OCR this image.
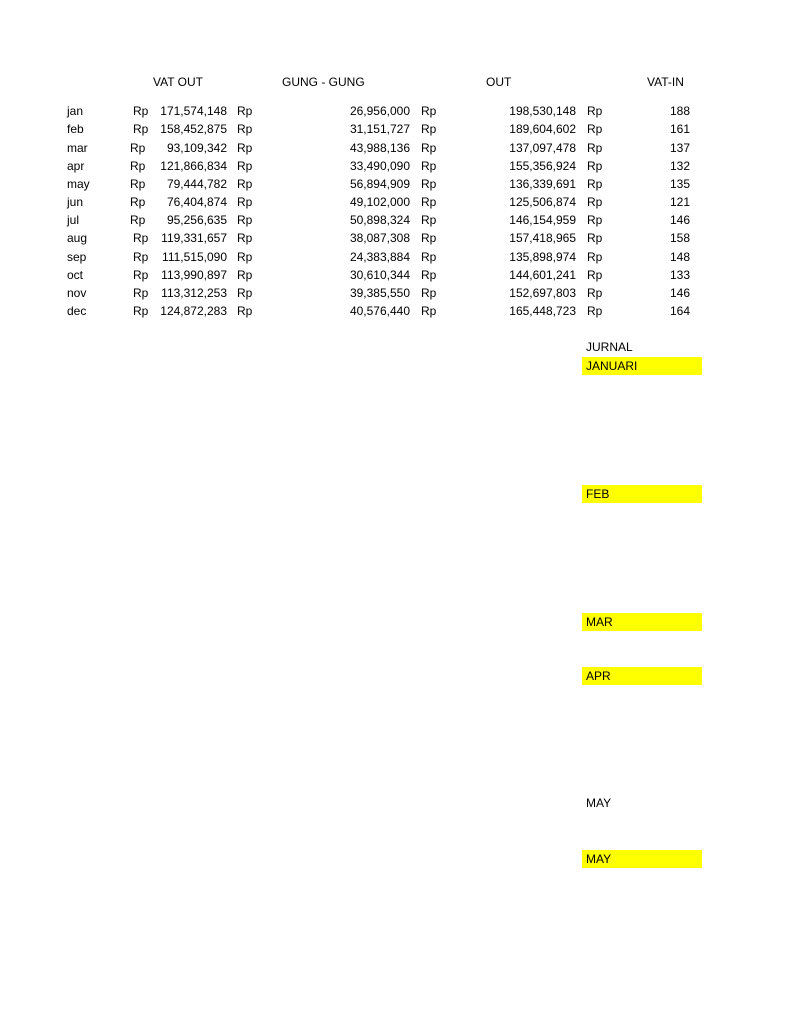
VAT OUT	GUNG - GUNG	OUT	VAT-IN
jan	Rp 171,574,148 Rp	26,956,000 Rp	198,530,148 Rp	188
feb	Rp 158,452,875 Rp	31,151,727 Rp	189,604,602 Rp	161
mar	Rp 93,109,342 Rp	43,988,136 Rp	137,097,478 Rp	137
apr	Rp 121,866,834 Rp	33,490,090 Rp	155,356,924 Rp	132
may	Rp 79,444,782 Rp	56,894,909 Rp	136,339,691 Rp	135
jun	Rp 76,404,874 Rp	49,102,000 Rp	125,506,874 Rp	121
jul	Rp 95,256,635 Rp	50,898,324 Rp	146,154,959 Rp	146
aug	Rp 119,331,657 Rp	38,087,308 Rp	157,418,965 Rp	158
sep	Rp 111,515,090 Rp	24,383,884 Rp	135,898,974 Rp	148
oct	Rp 113,990,897 Rp	30,610,344 Rp	144,601,241 Rp	133
nov	Rp 113,312,253 Rp	39,385,550 Rp	152,697,803 Rp	146
dec	Rp 124,872,283 Rp	40,576,440 Rp	165,448,723 Rp	164
JURNAL
JANUARI
FEB
MAR
APR
MAY
MAY
